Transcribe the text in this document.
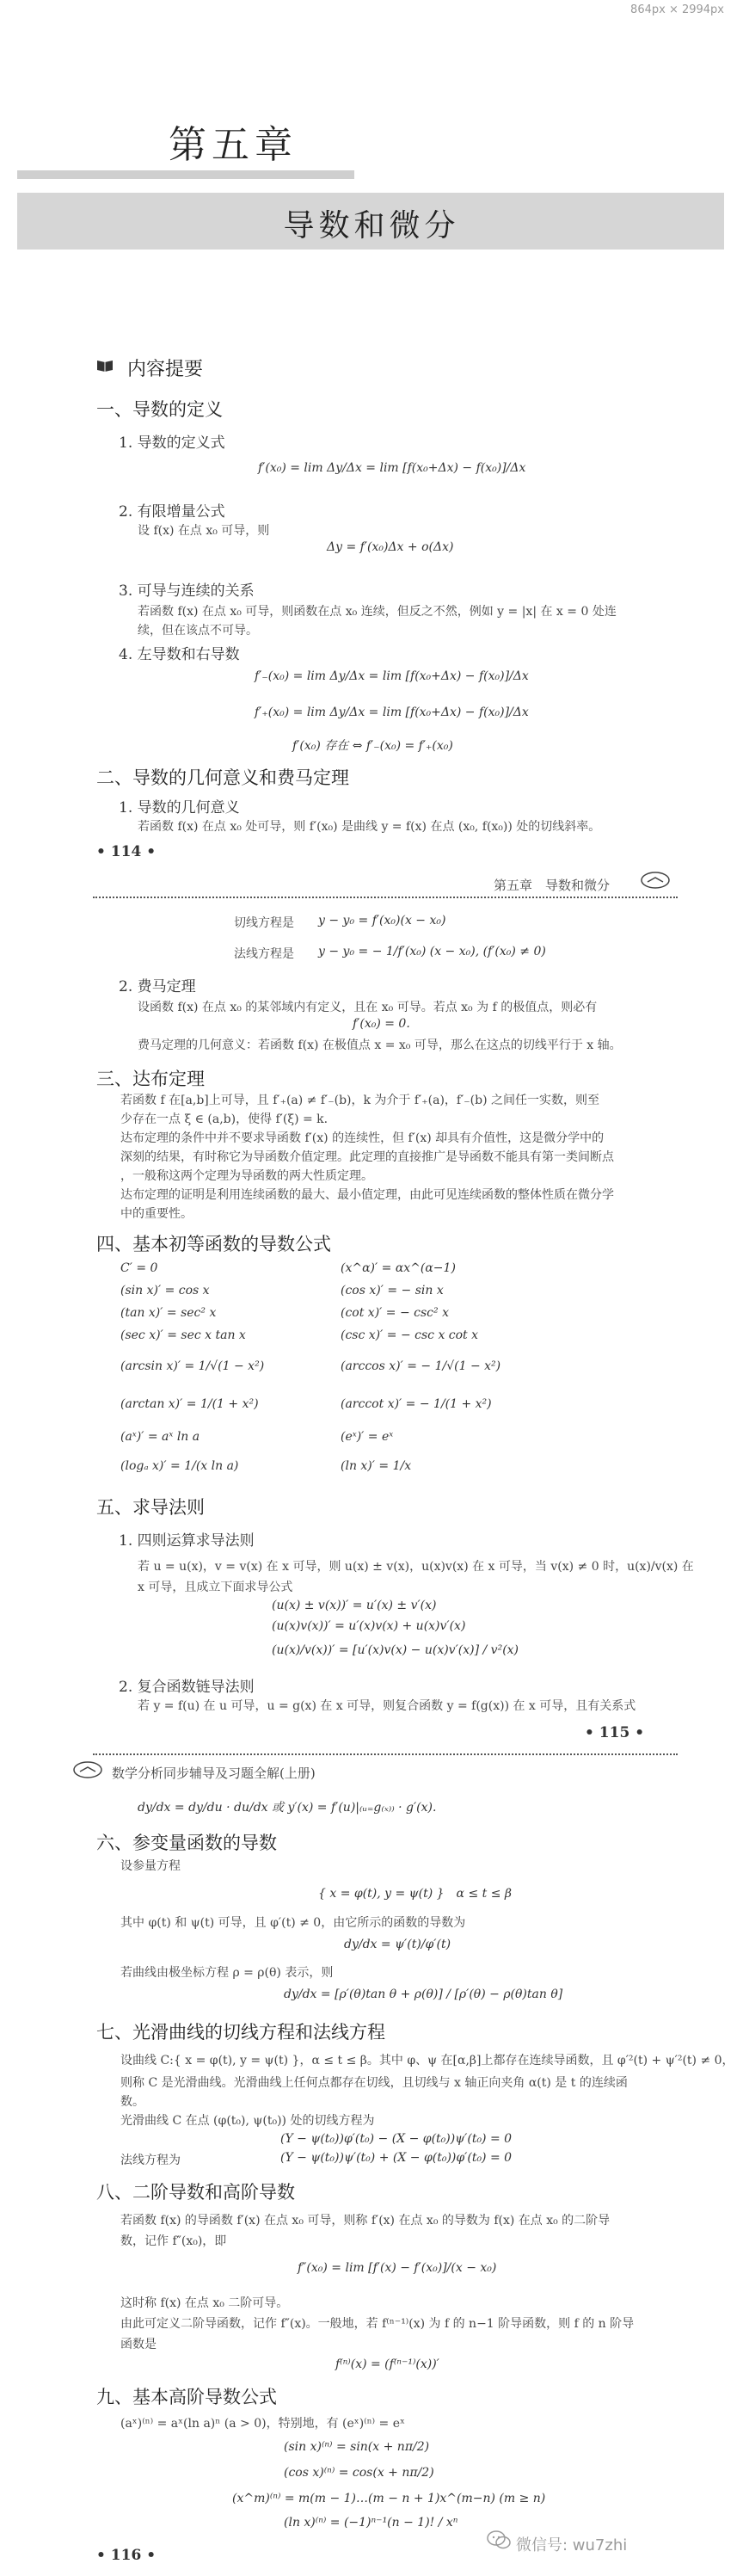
864px × 2994px
第五章
导数和微分
内容提要
一、导数的定义
1. 导数的定义式
f′(x₀) = lim Δy/Δx = lim [f(x₀+Δx) − f(x₀)]/Δx
2. 有限增量公式
设 f(x) 在点 x₀ 可导，则
Δy = f′(x₀)Δx + o(Δx)
3. 可导与连续的关系
若函数 f(x) 在点 x₀ 可导，则函数在点 x₀ 连续，但反之不然，例如 y = |x| 在 x = 0 处连
续，但在该点不可导。
4. 左导数和右导数
f′₋(x₀) = lim Δy/Δx = lim [f(x₀+Δx) − f(x₀)]/Δx
f′₊(x₀) = lim Δy/Δx = lim [f(x₀+Δx) − f(x₀)]/Δx
f′(x₀) 存在 ⇔ f′₋(x₀) = f′₊(x₀)
二、导数的几何意义和费马定理
1. 导数的几何意义
若函数 f(x) 在点 x₀ 处可导，则 f′(x₀) 是曲线 y = f(x) 在点 (x₀, f(x₀)) 处的切线斜率。
• 114 •
第五章　导数和微分
切线方程是 y − y₀ = f′(x₀)(x − x₀)
法线方程是 y − y₀ = − 1/f′(x₀) (x − x₀), (f′(x₀) ≠ 0)
2. 费马定理
设函数 f(x) 在点 x₀ 的某邻域内有定义，且在 x₀ 可导。若点 x₀ 为 f 的极值点，则必有
f′(x₀) = 0.
费马定理的几何意义：若函数 f(x) 在极值点 x = x₀ 可导，那么在这点的切线平行于 x 轴。
三、达布定理
若函数 f 在[a,b]上可导，且 f′₊(a) ≠ f′₋(b)，k 为介于 f′₊(a)，f′₋(b) 之间任一实数，则至
少存在一点 ξ ∈ (a,b)，使得 f′(ξ) = k.
达布定理的条件中并不要求导函数 f′(x) 的连续性，但 f′(x) 却具有介值性，这是微分学中的
深刻的结果，有时称它为导函数介值定理。此定理的直接推广是导函数不能具有第一类间断点
，一般称这两个定理为导函数的两大性质定理。
达布定理的证明是利用连续函数的最大、最小值定理，由此可见连续函数的整体性质在微分学
中的重要性。
四、基本初等函数的导数公式
C′ = 0
(sin x)′ = cos x
(tan x)′ = sec² x
(sec x)′ = sec x tan x
(arcsin x)′ = 1/√(1 − x²)
(arctan x)′ = 1/(1 + x²)
(aˣ)′ = aˣ ln a
(logₐ x)′ = 1/(x ln a)
(x^α)′ = αx^(α−1)
(cos x)′ = − sin x
(cot x)′ = − csc² x
(csc x)′ = − csc x cot x
(arccos x)′ = − 1/√(1 − x²)
(arccot x)′ = − 1/(1 + x²)
(eˣ)′ = eˣ
(ln x)′ = 1/x
五、求导法则
1. 四则运算求导法则
若 u = u(x)，v = v(x) 在 x 可导，则 u(x) ± v(x)，u(x)v(x) 在 x 可导，当 v(x) ≠ 0 时，u(x)/v(x) 在
x 可导，且成立下面求导公式
(u(x) ± v(x))′ = u′(x) ± v′(x)
(u(x)v(x))′ = u′(x)v(x) + u(x)v′(x)
(u(x)/v(x))′ = [u′(x)v(x) − u(x)v′(x)] / v²(x)
2. 复合函数链导法则
若 y = f(u) 在 u 可导，u = g(x) 在 x 可导，则复合函数 y = f(g(x)) 在 x 可导，且有关系式
• 115 •
数学分析同步辅导及习题全解(上册)
dy/dx = dy/du · du/dx 或 y′(x) = f′(u)|₍ᵤ₌g₍ₓ₎₎ · g′(x).
六、参变量函数的导数
设参量方程
{ x = φ(t), y = ψ(t) }　α ≤ t ≤ β
其中 φ(t) 和 ψ(t) 可导，且 φ′(t) ≠ 0，由它所示的函数的导数为
dy/dx = ψ′(t)/φ′(t)
若曲线由极坐标方程 ρ = ρ(θ) 表示，则
dy/dx = [ρ′(θ)tan θ + ρ(θ)] / [ρ′(θ) − ρ(θ)tan θ]
七、光滑曲线的切线方程和法线方程
设曲线 C:{ x = φ(t), y = ψ(t) }，α ≤ t ≤ β。其中 φ、ψ 在[α,β]上都存在连续导函数，且 φ′²(t) + ψ′²(t) ≠ 0，
则称 C 是光滑曲线。光滑曲线上任何点都存在切线，且切线与 x 轴正向夹角 α(t) 是 t 的连续函
数。
光滑曲线 C 在点 (φ(t₀), ψ(t₀)) 处的切线方程为
(Y − ψ(t₀))φ′(t₀) − (X − φ(t₀))ψ′(t₀) = 0
法线方程为	(Y − ψ(t₀))ψ′(t₀) + (X − φ(t₀))φ′(t₀) = 0
八、二阶导数和高阶导数
若函数 f(x) 的导函数 f′(x) 在点 x₀ 可导，则称 f′(x) 在点 x₀ 的导数为 f(x) 在点 x₀ 的二阶导
数，记作 f″(x₀)，即
f″(x₀) = lim [f′(x) − f′(x₀)]/(x − x₀)
这时称 f(x) 在点 x₀ 二阶可导。
由此可定义二阶导函数，记作 f″(x)。一般地，若 f⁽ⁿ⁻¹⁾(x) 为 f 的 n−1 阶导函数，则 f 的 n 阶导
函数是
f⁽ⁿ⁾(x) = (f⁽ⁿ⁻¹⁾(x))′
九、基本高阶导数公式
(aˣ)⁽ⁿ⁾ = aˣ(ln a)ⁿ (a > 0)，特别地，有 (eˣ)⁽ⁿ⁾ = eˣ
(sin x)⁽ⁿ⁾ = sin(x + nπ/2)
(cos x)⁽ⁿ⁾ = cos(x + nπ/2)
(x^m)⁽ⁿ⁾ = m(m − 1)…(m − n + 1)x^(m−n) (m ≥ n)
(ln x)⁽ⁿ⁾ = (−1)ⁿ⁻¹(n − 1)! / xⁿ
• 116 •
微信号: wu7zhi
